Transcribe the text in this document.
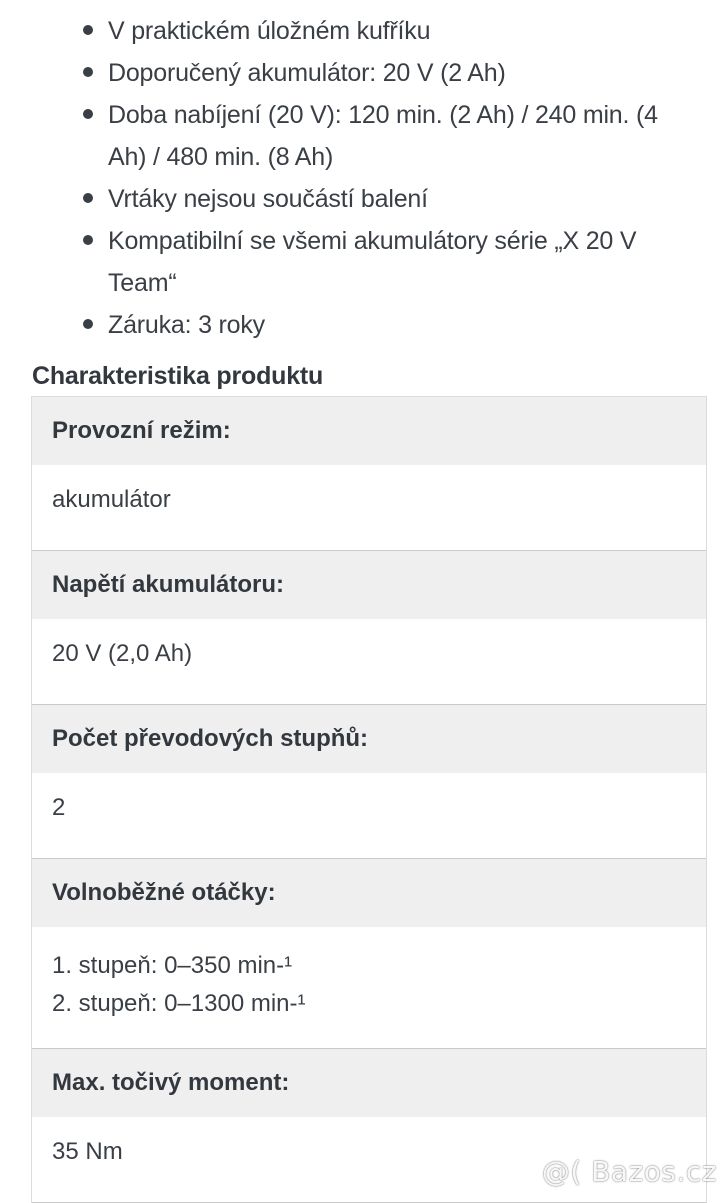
V praktickém úložném kufříku
Doporučený akumulátor: 20 V (2 Ah)
Doba nabíjení (20 V): 120 min. (2 Ah) / 240 min. (4 Ah) / 480 min. (8 Ah)
Vrtáky nejsou součástí balení
Kompatibilní se všemi akumulátory série „X 20 V Team“
Záruka: 3 roky
Charakteristika produktu
Provozní režim:
akumulátor
Napětí akumulátoru:
20 V (2,0 Ah)
Počet převodových stupňů:
2
Volnoběžné otáčky:
1. stupeň: 0–350 min-¹
2. stupeň: 0–1300 min-¹
Max. točivý moment:
35 Nm
@( Bazos.cz
